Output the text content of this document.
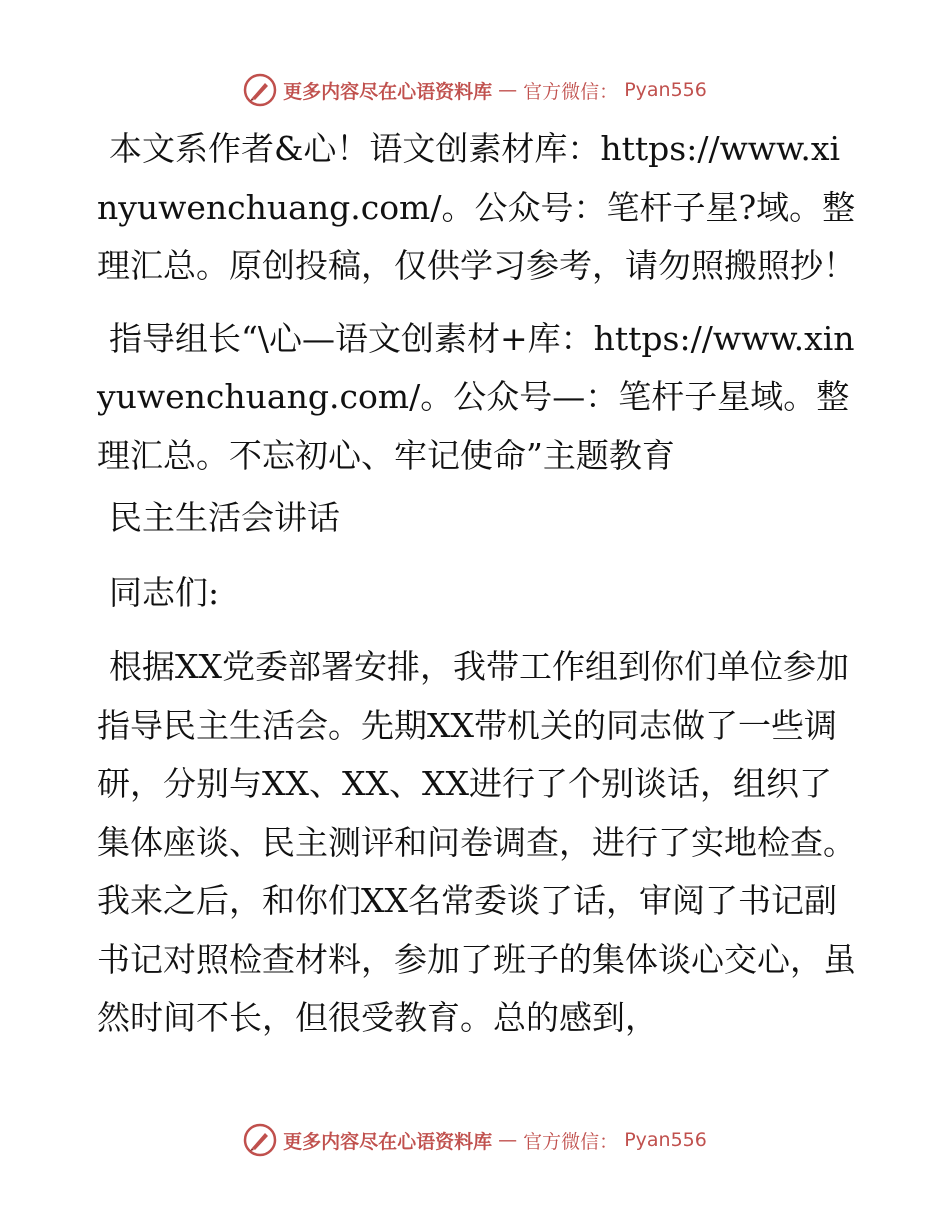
更多内容尽在心语资料库 — 官方微信： Pyan556

本文系作者&心！语文创素材库：https://www.xinyuwenchuang.com/。公众号：笔杆子星?域。整理汇总。原创投稿，仅供学习参考，请勿照搬照抄！

指导组长“\心—语文创素材+库：https://www.xinyuwenchuang.com/。公众号—：笔杆子星域。整理汇总。不忘初心、牢记使命”主题教育

民主生活会讲话

同志们:

根据XX党委部署安排，我带工作组到你们单位参加指导民主生活会。先期XX带机关的同志做了一些调研，分别与XX、XX、XX进行了个别谈话，组织了集体座谈、民主测评和问卷调查，进行了实地检查。我来之后，和你们XX名常委谈了话，审阅了书记副书记对照检查材料，参加了班子的集体谈心交心，虽然时间不长，但很受教育。总的感到，

更多内容尽在心语资料库 — 官方微信： Pyan556
